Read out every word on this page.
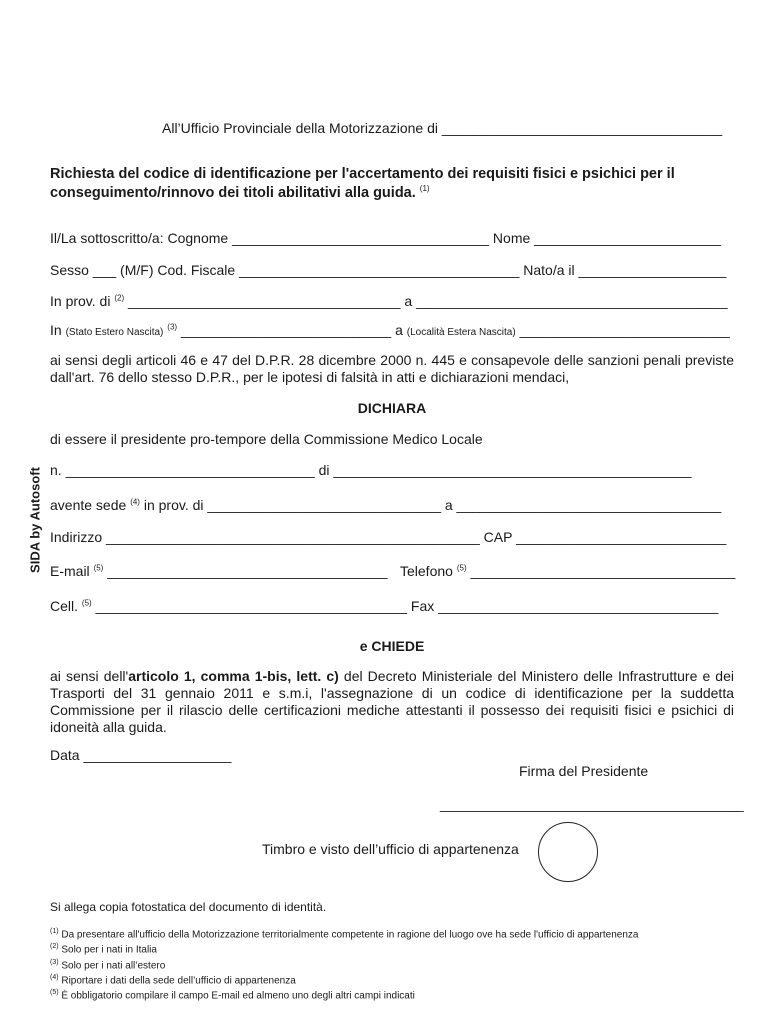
SIDA by Autosoft
All’Ufficio Provinciale della Motorizzazione di ____________________________________
Richiesta del codice di identificazione per l'accertamento dei requisiti fisici e psichici per il
conseguimento/rinnovo dei titoli abilitativi alla guida. $^{(1)}$
Il/La sottoscritto/a: Cognome _________________________________ Nome ________________________
Sesso ___ (M/F) Cod. Fiscale ____________________________________ Nato/a il ___________________
In prov. di $^{(2)}$ ___________________________________ a ________________________________________
In (Stato Estero Nascita) $^{(3)}$ ___________________________ a (Località Estera Nascita) ___________________________
ai sensi degli articoli 46 e 47 del D.P.R. 28 dicembre 2000 n. 445 e consapevole delle sanzioni penali previste dall'art. 76 dello stesso D.P.R., per le ipotesi di falsità in atti e dichiarazioni mendaci,
DICHIARA
di essere il presidente pro-tempore della Commissione Medico Locale
n. ________________________________ di ______________________________________________
avente sede $^{(4)}$ in prov. di ______________________________ a __________________________________
Indirizzo ________________________________________________ CAP ___________________________
E-mail $^{(5)}$ ____________________________________ Telefono $^{(5)}$ __________________________________
Cell. $^{(5)}$ ________________________________________ Fax ____________________________________
e CHIEDE
ai sensi dell'articolo 1, comma 1-bis, lett. c) del Decreto Ministeriale del Ministero delle Infrastrutture e dei Trasporti del 31 gennaio 2011 e s.m.i, l'assegnazione di un codice di identificazione per la suddetta Commissione per il rilascio delle certificazioni mediche attestanti il possesso dei requisiti fisici e psichici di idoneità alla guida.
Data ___________________
Firma del Presidente
_______________________________________
Timbro e visto dell’ufficio di appartenenza
Si allega copia fotostatica del documento di identità.
$^{(1)}$ Da presentare all'ufficio della Motorizzazione territorialmente competente in ragione del luogo ove ha sede l'ufficio di appartenenza
$^{(2)}$ Solo per i nati in Italia
$^{(3)}$ Solo per i nati all’estero
$^{(4)}$ Riportare i dati della sede dell’ufficio di appartenenza
$^{(5)}$ È obbligatorio compilare il campo E-mail ed almeno uno degli altri campi indicati
